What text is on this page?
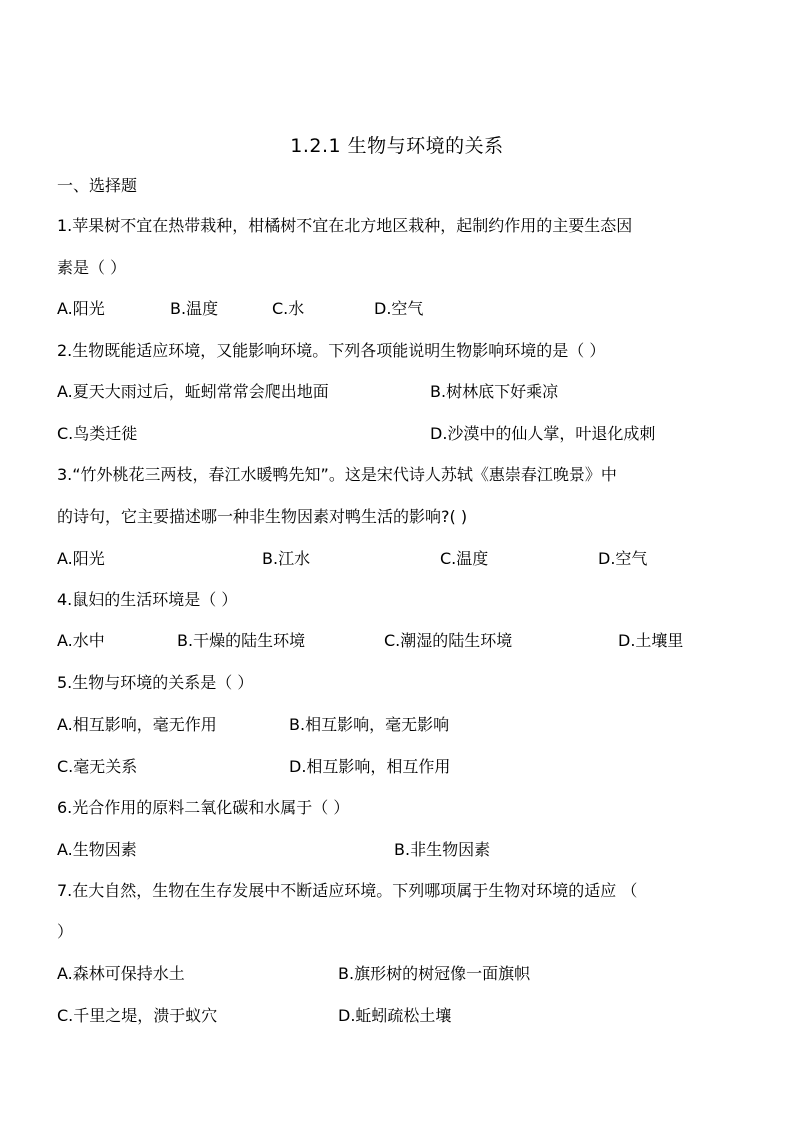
1.2.1 生物与环境的关系
一、选择题
1.苹果树不宜在热带栽种，柑橘树不宜在北方地区栽种，起制约作用的主要生态因
素是（ ）
A.阳光	B.温度	C.水	D.空气
2.生物既能适应环境，又能影响环境。下列各项能说明生物影响环境的是（ ）
A.夏天大雨过后，蚯蚓常常会爬出地面	B.树林底下好乘凉
C.鸟类迁徙	D.沙漠中的仙人掌，叶退化成刺
3.“竹外桃花三两枝，春江水暖鸭先知”。这是宋代诗人苏轼《惠崇春江晚景》中
的诗句，它主要描述哪一种非生物因素对鸭生活的影响?( )
A.阳光	B.江水	C.温度	D.空气
4.鼠妇的生活环境是（ ）
A.水中	B.干燥的陆生环境	C.潮湿的陆生环境	D.土壤里
5.生物与环境的关系是（ ）
A.相互影响，毫无作用	B.相互影响，毫无影响
C.毫无关系	D.相互影响，相互作用
6.光合作用的原料二氧化碳和水属于（ ）
A.生物因素	B.非生物因素
7.在大自然，生物在生存发展中不断适应环境。下列哪项属于生物对环境的适应 （
）
A.森林可保持水土	B.旗形树的树冠像一面旗帜
C.千里之堤，溃于蚁穴	D.蚯蚓疏松土壤
